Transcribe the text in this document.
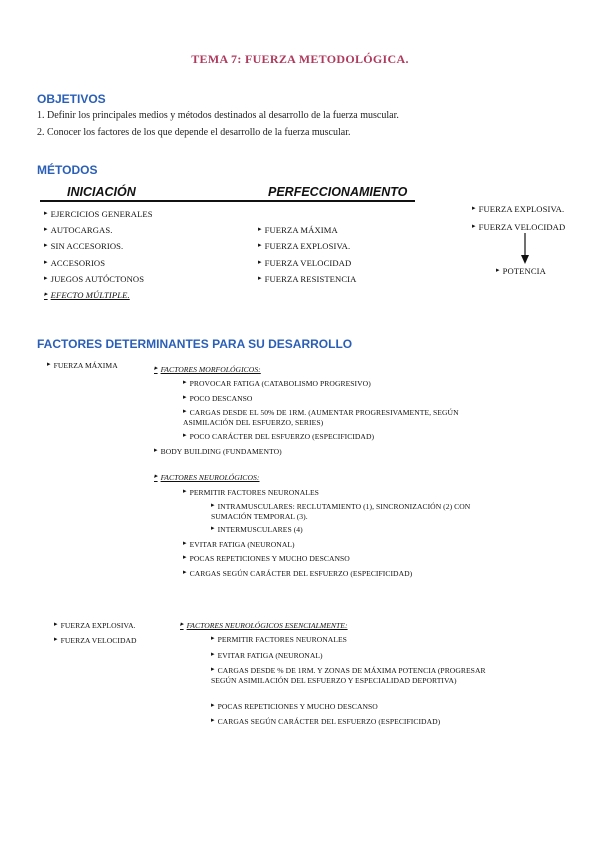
TEMA 7: FUERZA METODOLÓGICA.
OBJETIVOS
1. Definir los principales medios y métodos destinados al desarrollo de la fuerza muscular.
2. Conocer los factores de los que depende el desarrollo de la fuerza muscular.
MÉTODOS
INICIACIÓN	PERFECCIONAMIENTO
▸ EJERCICIOS GENERALES
▸ AUTOCARGAS.
▸ SIN ACCESORIOS.
▸ ACCESORIOS
▸ JUEGOS AUTÓCTONOS
▸ EFECTO MÚLTIPLE.
▸ FUERZA MÁXIMA
▸ FUERZA EXPLOSIVA.
▸ FUERZA VELOCIDAD
▸ FUERZA RESISTENCIA
▸ FUERZA EXPLOSIVA.
▸ FUERZA VELOCIDAD
▸ POTENCIA
FACTORES DETERMINANTES PARA SU DESARROLLO
▸ FUERZA MÁXIMA
▸	FACTORES MORFOLÓGICOS:
▸ PROVOCAR FATIGA (CATABOLISMO PROGRESIVO)
▸ POCO DESCANSO
▸ CARGAS DESDE EL 50% DE 1RM. (AUMENTAR PROGRESIVAMENTE, SEGÚN ASIMILACIÓN DEL ESFUERZO, SERIES)
▸ POCO CARÁCTER DEL ESFUERZO (ESPECIFICIDAD)
▸ BODY BUILDING (FUNDAMENTO)
▸ FACTORES NEUROLÓGICOS:
▸ PERMITIR FACTORES NEURONALES
▸ INTRAMUSCULARES: RECLUTAMIENTO (1), SINCRONIZACIÓN (2) CON SUMACIÓN TEMPORAL (3).
▸ INTERMUSCULARES (4)
▸ EVITAR FATIGA (NEURONAL)
▸ POCAS REPETICIONES Y MUCHO DESCANSO
▸ CARGAS SEGÚN CARÁCTER DEL ESFUERZO (ESPECIFICIDAD)
▸ FUERZA EXPLOSIVA.
▸ FUERZA VELOCIDAD
▸ FACTORES NEUROLÓGICOS ESENCIALMENTE:
▸ PERMITIR FACTORES NEURONALES
▸ EVITAR FATIGA (NEURONAL)
▸ CARGAS DESDE % DE 1RM. Y ZONAS DE MÁXIMA POTENCIA (PROGRESAR SEGÚN ASIMILACIÓN DEL ESFUERZO Y ESPECIALIDAD DEPORTIVA)
▸ POCAS REPETICIONES Y MUCHO DESCANSO
▸ CARGAS SEGÚN CARÁCTER DEL ESFUERZO (ESPECIFICIDAD)
